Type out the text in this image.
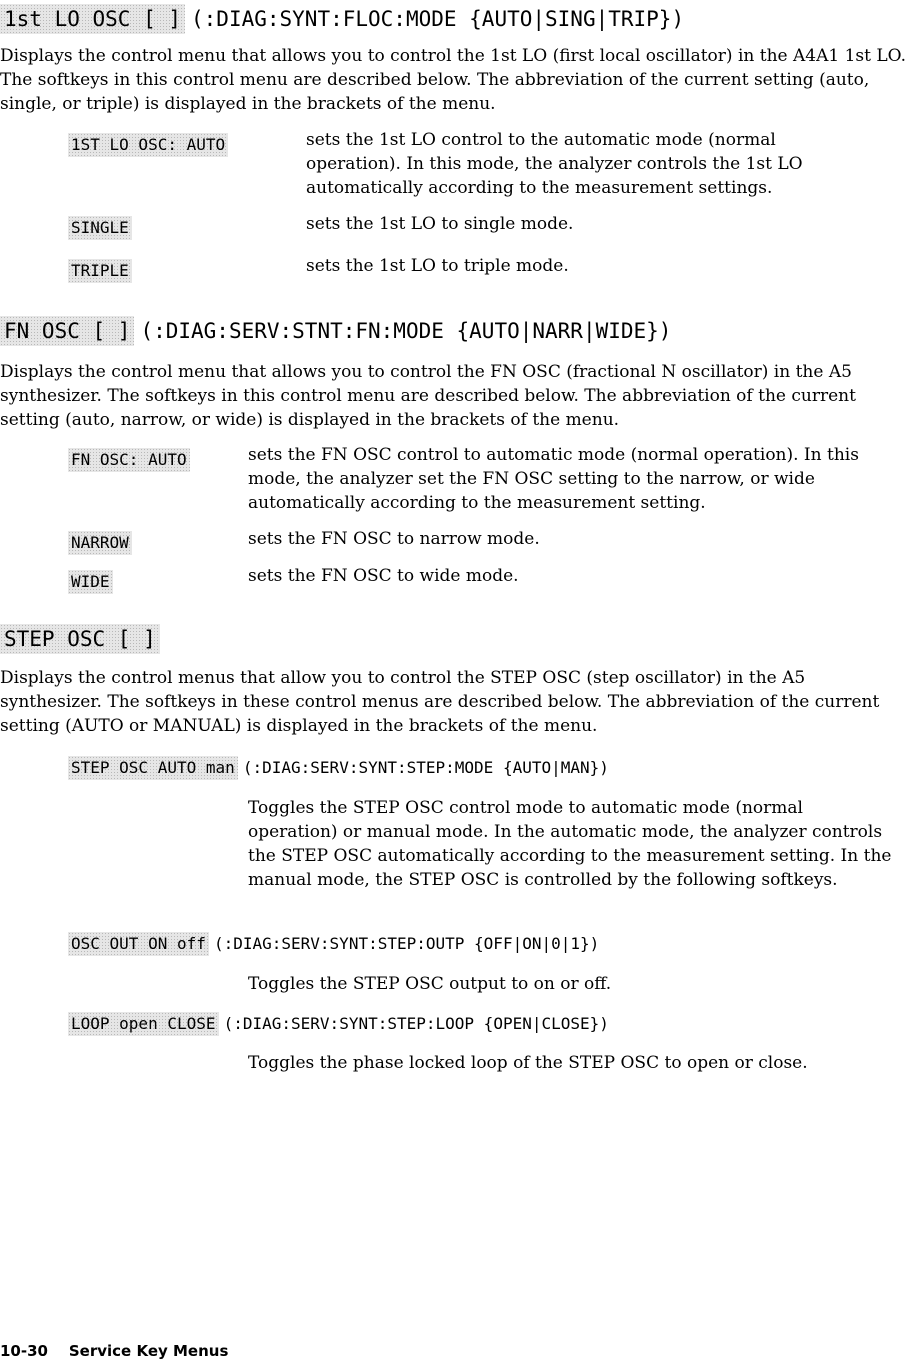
1st LO OSC [ ] (:DIAG:SYNT:FLOC:MODE {AUTO|SING|TRIP})
Displays the control menu that allows you to control the 1st LO (first local oscillator) in the A4A1 1st LO. The softkeys in this control menu are described below. The abbreviation of the current setting (auto, single, or triple) is displayed in the brackets of the menu.
1ST LO OSC: AUTO	sets the 1st LO control to the automatic mode (normal operation). In this mode, the analyzer controls the 1st LO automatically according to the measurement settings.
SINGLE	sets the 1st LO to single mode.
TRIPLE	sets the 1st LO to triple mode.
FN OSC [ ] (:DIAG:SERV:STNT:FN:MODE {AUTO|NARR|WIDE})
Displays the control menu that allows you to control the FN OSC (fractional N oscillator) in the A5 synthesizer. The softkeys in this control menu are described below. The abbreviation of the current setting (auto, narrow, or wide) is displayed in the brackets of the menu.
FN OSC: AUTO	sets the FN OSC control to automatic mode (normal operation). In this mode, the analyzer set the FN OSC setting to the narrow, or wide automatically according to the measurement setting.
NARROW	sets the FN OSC to narrow mode.
WIDE	sets the FN OSC to wide mode.
STEP OSC [ ]
Displays the control menus that allow you to control the STEP OSC (step oscillator) in the A5 synthesizer. The softkeys in these control menus are described below. The abbreviation of the current setting (AUTO or MANUAL) is displayed in the brackets of the menu.
STEP OSC AUTO man (:DIAG:SERV:SYNT:STEP:MODE {AUTO|MAN})
Toggles the STEP OSC control mode to automatic mode (normal operation) or manual mode. In the automatic mode, the analyzer controls the STEP OSC automatically according to the measurement setting. In the manual mode, the STEP OSC is controlled by the following softkeys.
OSC OUT ON off (:DIAG:SERV:SYNT:STEP:OUTP {OFF|ON|0|1})
Toggles the STEP OSC output to on or off.
LOOP open CLOSE (:DIAG:SERV:SYNT:STEP:LOOP {OPEN|CLOSE})
Toggles the phase locked loop of the STEP OSC to open or close.
10-30 Service Key Menus
